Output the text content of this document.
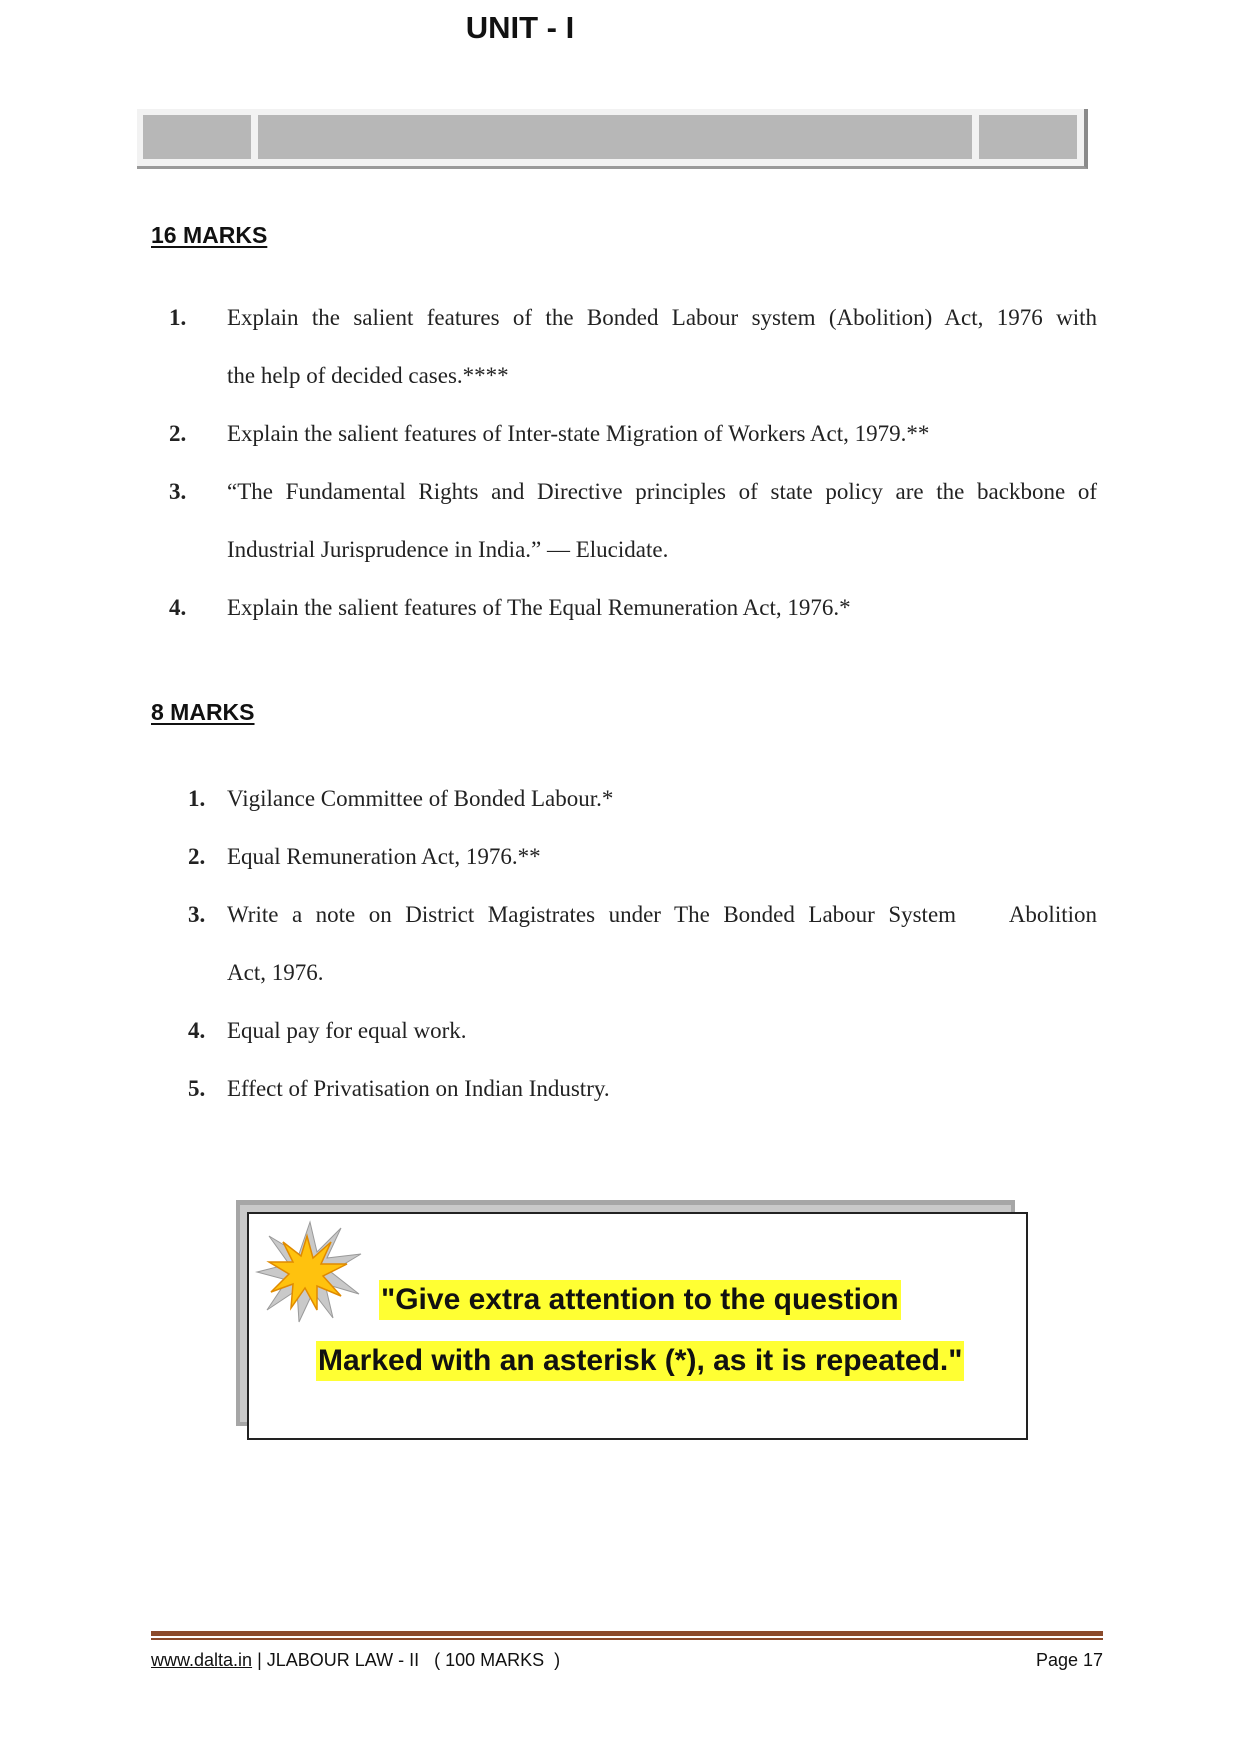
UNIT - I
16 MARKS
1.	Explain the salient features of the Bonded Labour system (Abolition) Act, 1976 with
the help of decided cases.****
2.	Explain the salient features of Inter-state Migration of Workers Act, 1979.**
3.	“The Fundamental Rights and Directive principles of state policy are the backbone of
Industrial Jurisprudence in India.” — Elucidate.
4.	Explain the salient features of The Equal Remuneration Act, 1976.*
8 MARKS
1. Vigilance Committee of Bonded Labour.*
2. Equal Remuneration Act, 1976.**
3. Write a note on District Magistrates under The Bonded Labour System    Abolition
Act, 1976.
4. Equal pay for equal work.
5. Effect of Privatisation on Indian Industry.
"Give extra attention to the question
Marked with an asterisk (*), as it is repeated."
www.dalta.in | JLABOUR LAW - II   ( 100 MARKS  )	Page 17
